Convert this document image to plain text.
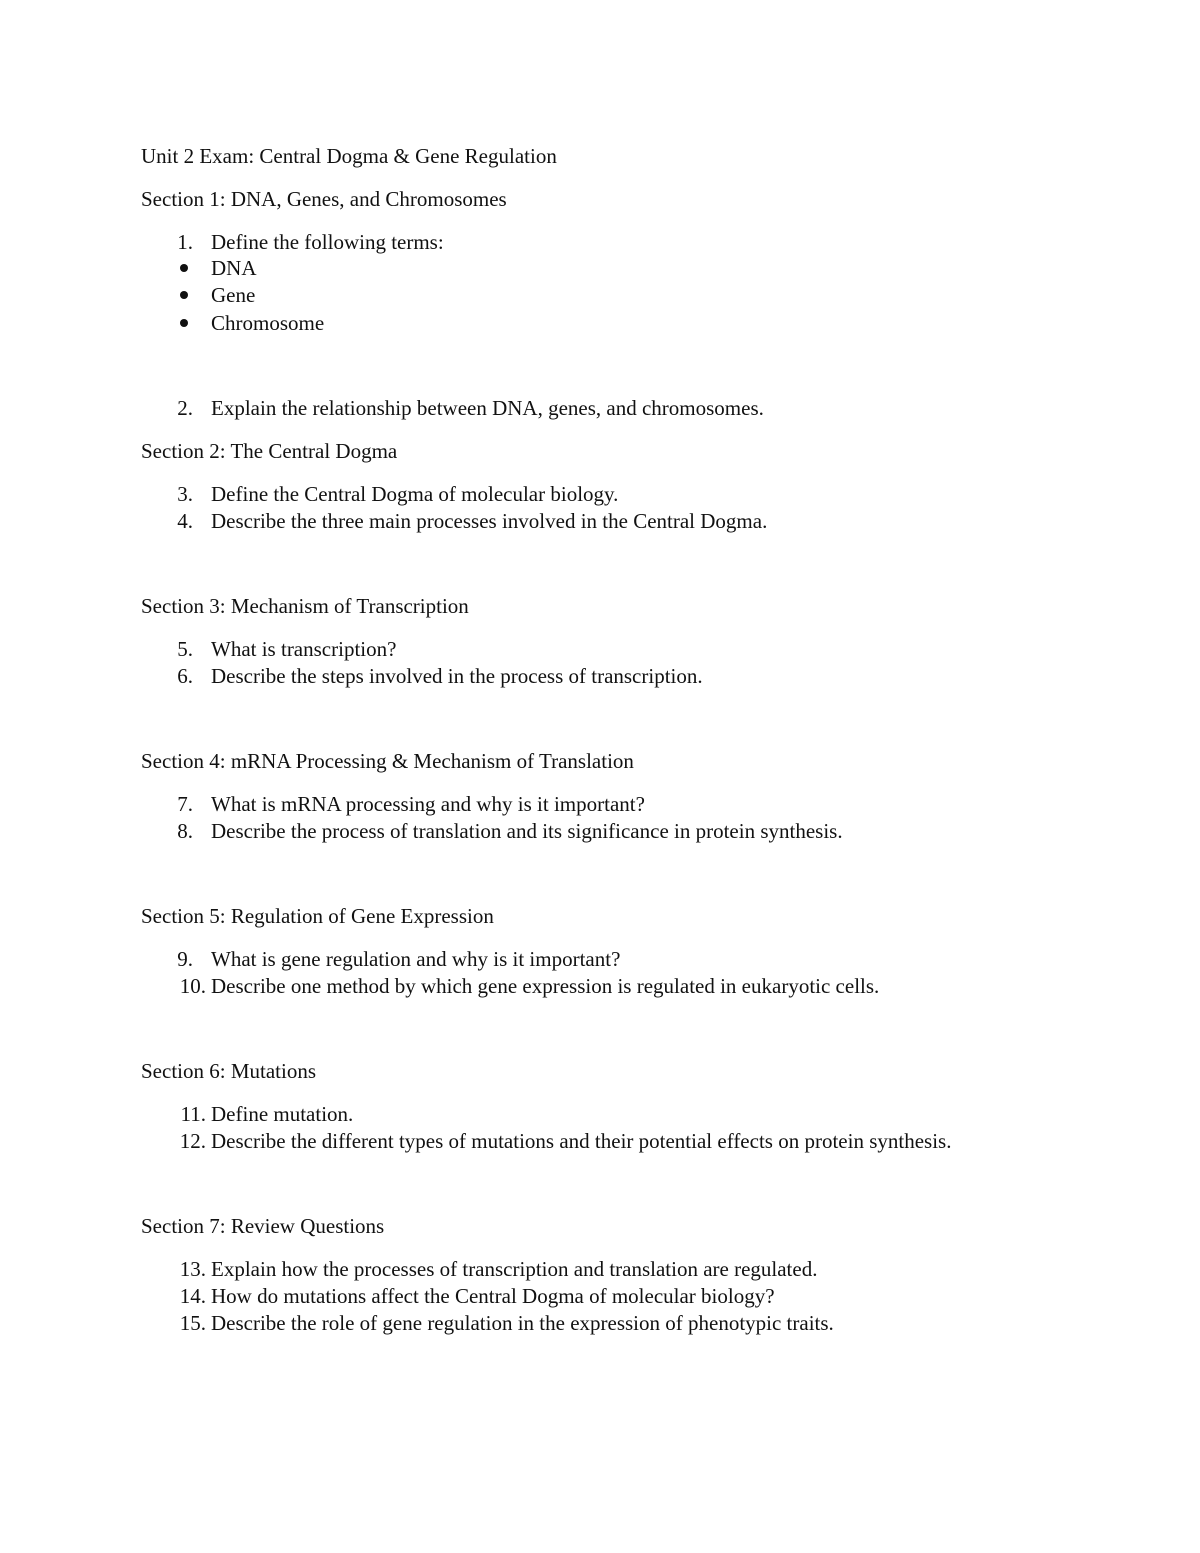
Unit 2 Exam: Central Dogma & Gene Regulation
Section 1: DNA, Genes, and Chromosomes
1. Define the following terms:
DNA
Gene
Chromosome
2. Explain the relationship between DNA, genes, and chromosomes.
Section 2: The Central Dogma
3. Define the Central Dogma of molecular biology.
4. Describe the three main processes involved in the Central Dogma.
Section 3: Mechanism of Transcription
5. What is transcription?
6. Describe the steps involved in the process of transcription.
Section 4: mRNA Processing & Mechanism of Translation
7. What is mRNA processing and why is it important?
8. Describe the process of translation and its significance in protein synthesis.
Section 5: Regulation of Gene Expression
9. What is gene regulation and why is it important?
10. Describe one method by which gene expression is regulated in eukaryotic cells.
Section 6: Mutations
11. Define mutation.
12. Describe the different types of mutations and their potential effects on protein synthesis.
Section 7: Review Questions
13. Explain how the processes of transcription and translation are regulated.
14. How do mutations affect the Central Dogma of molecular biology?
15. Describe the role of gene regulation in the expression of phenotypic traits.
